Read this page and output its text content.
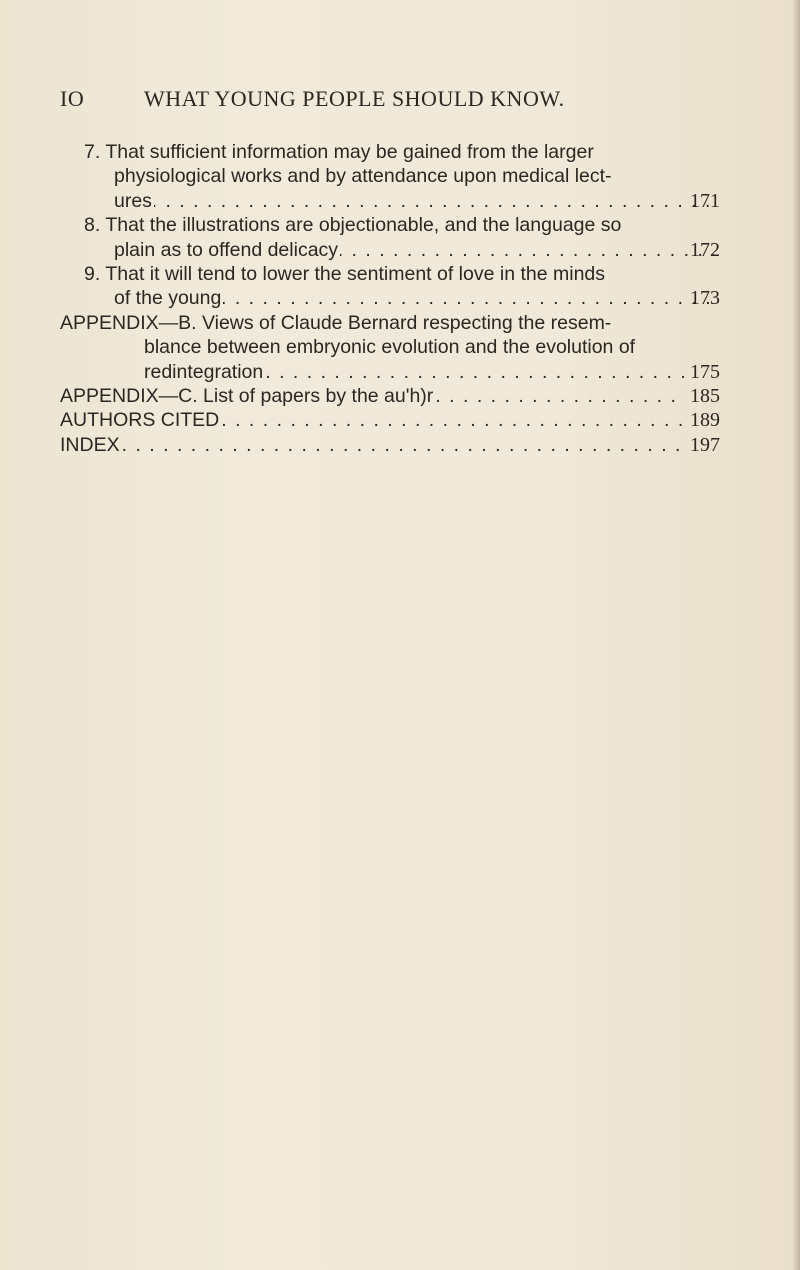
IO	WHAT YOUNG PEOPLE SHOULD KNOW.
7. That sufficient information may be gained from the larger
physiological works and by attendance upon medical lect-
ures . . .	171
8. That the illustrations are objectionable, and the language so
plain as to offend delicacy . . .	172
9. That it will tend to lower the sentiment of love in the minds
of the young . . .	173
APPENDIX—B. Views of Claude Bernard respecting the resem-
blance between embryonic evolution and the evolution of
redintegration . . .	175
APPENDIX—C. List of papers by the au'h)r . . .	185
AUTHORS CITED . . .	189
INDEX . . .	197
